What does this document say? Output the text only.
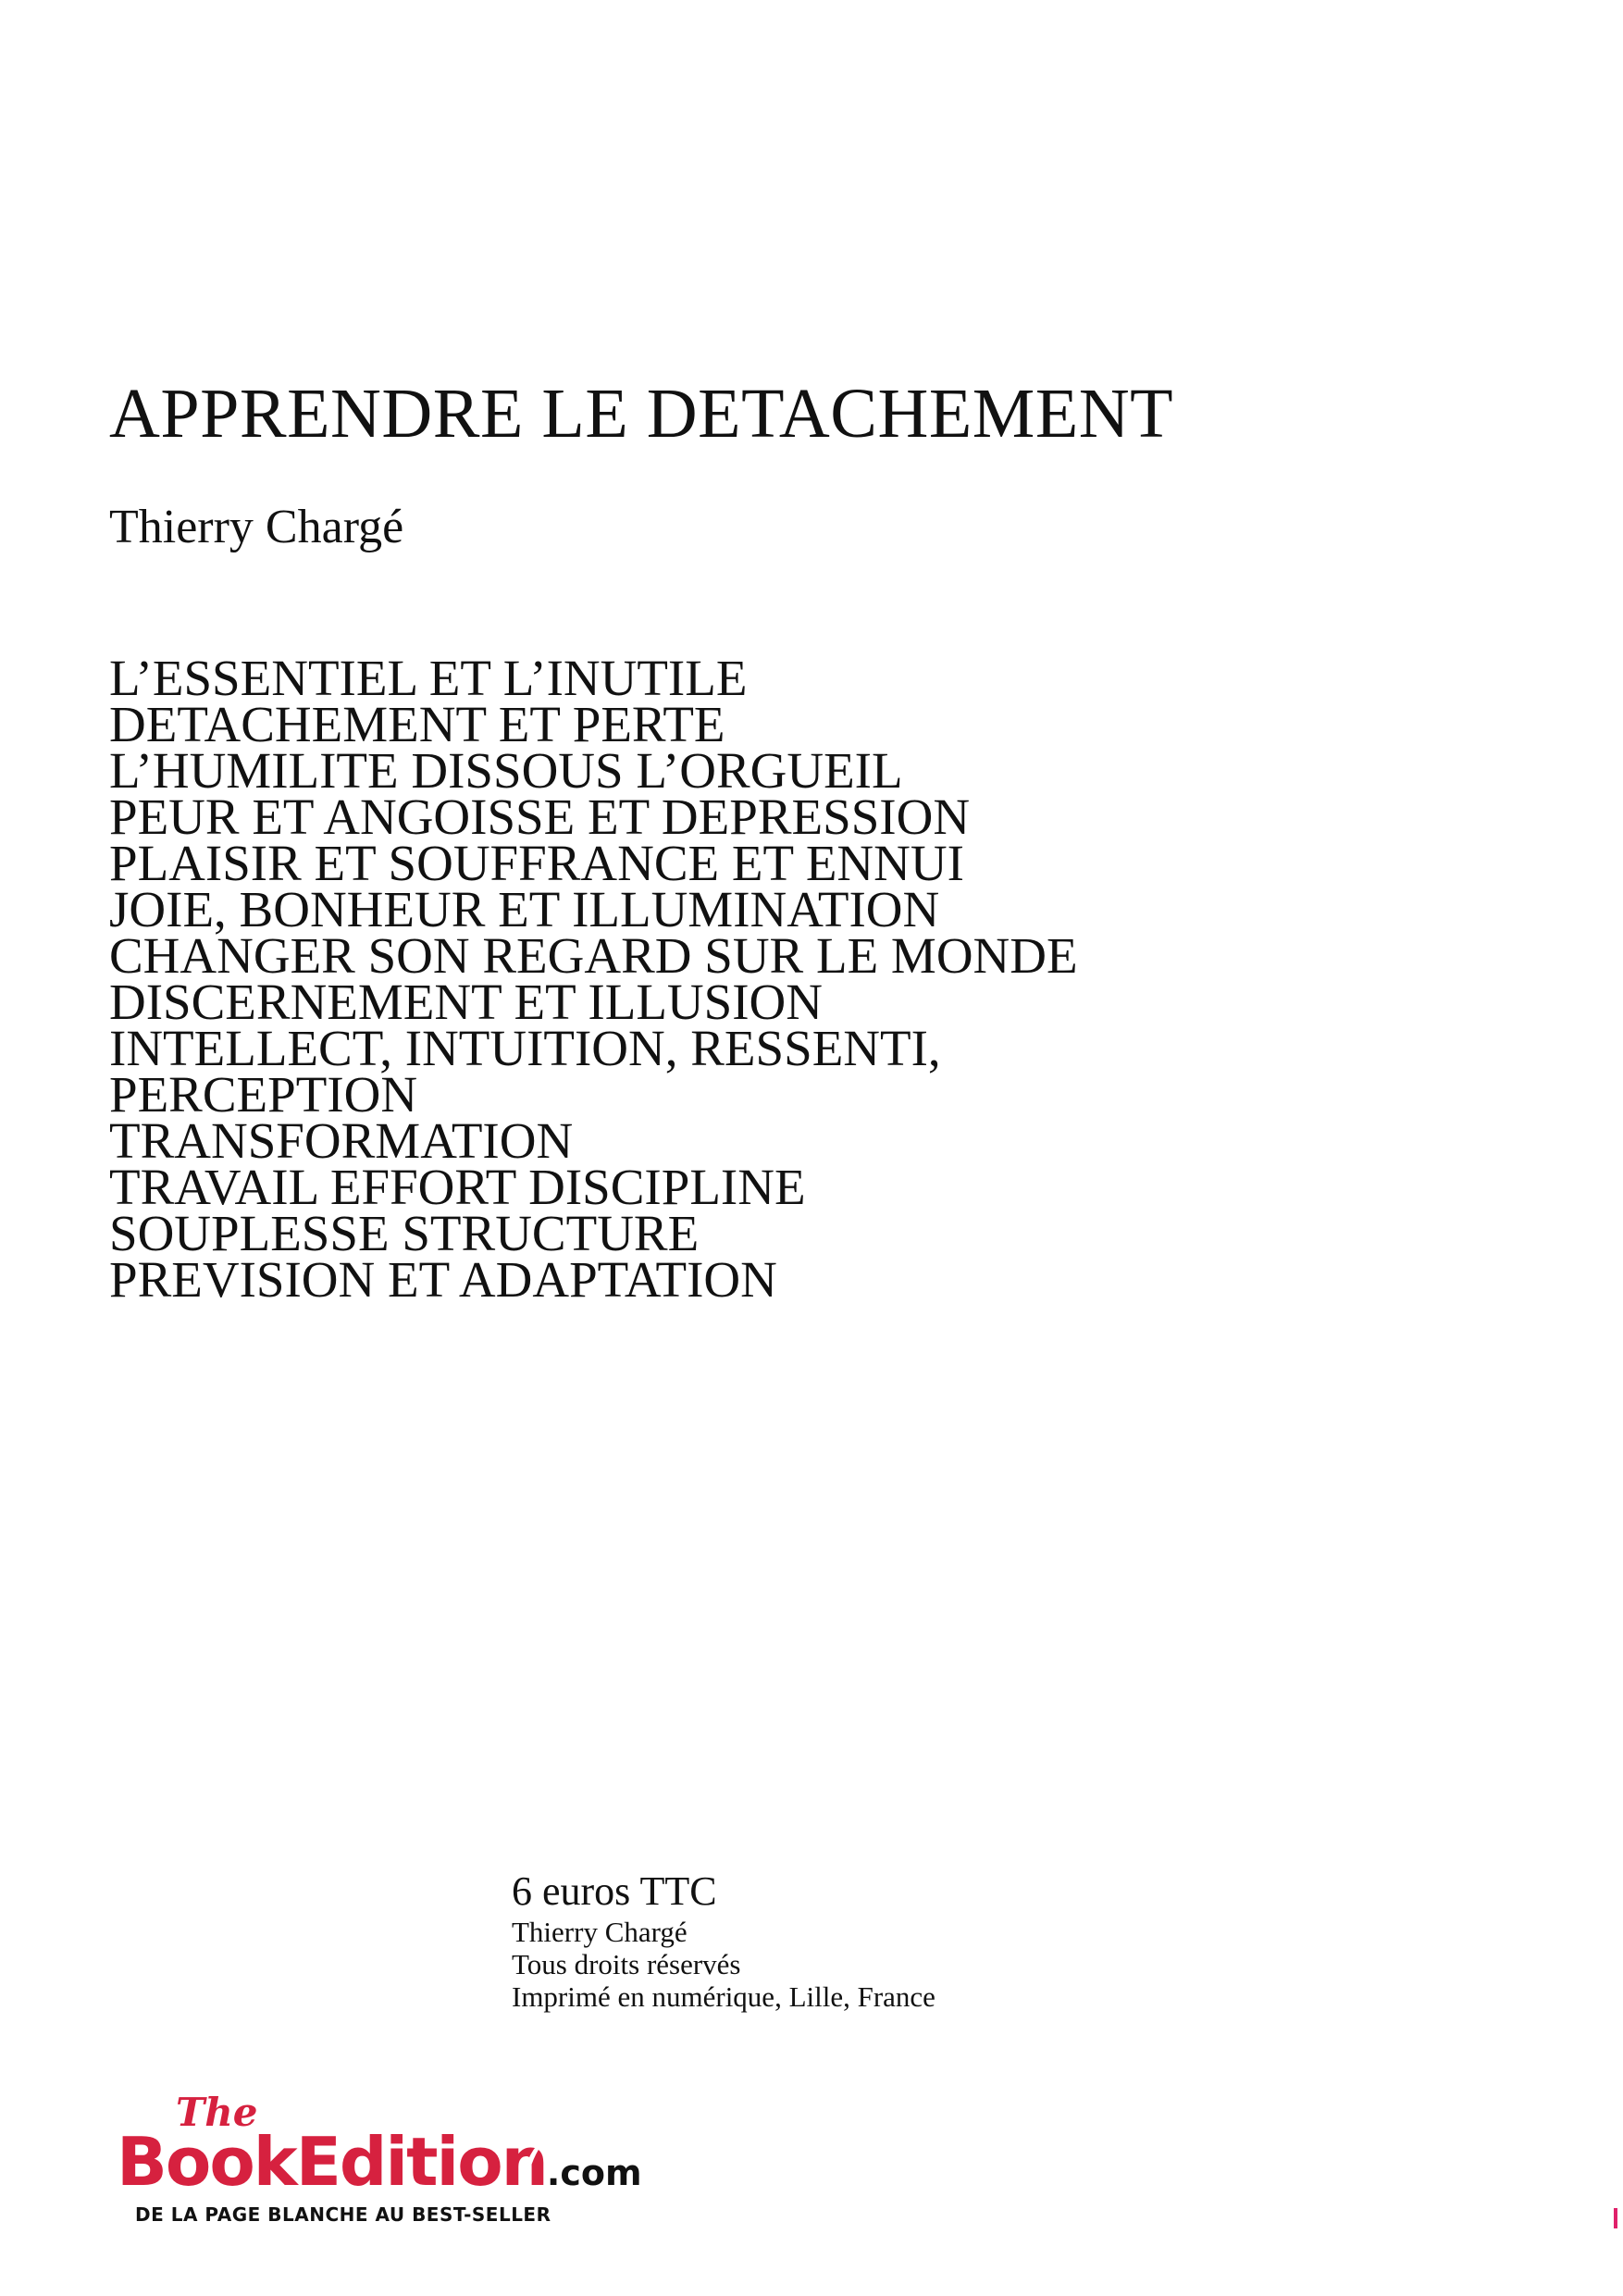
APPRENDRE LE DETACHEMENT
Thierry Chargé
L’ESSENTIEL ET L’INUTILE
DETACHEMENT ET PERTE
L’HUMILITE DISSOUS L’ORGUEIL
PEUR ET ANGOISSE ET DEPRESSION
PLAISIR ET SOUFFRANCE ET ENNUI
JOIE, BONHEUR ET ILLUMINATION
CHANGER SON REGARD SUR LE MONDE
DISCERNEMENT ET ILLUSION
INTELLECT, INTUITION, RESSENTI,
PERCEPTION
TRANSFORMATION
TRAVAIL EFFORT DISCIPLINE
SOUPLESSE STRUCTURE
PREVISION ET ADAPTATION
6 euros TTC
Thierry Chargé
Tous droits réservés
Imprimé en numérique, Lille, France
The
BookEdition.com
DE LA PAGE BLANCHE AU BEST-SELLER
